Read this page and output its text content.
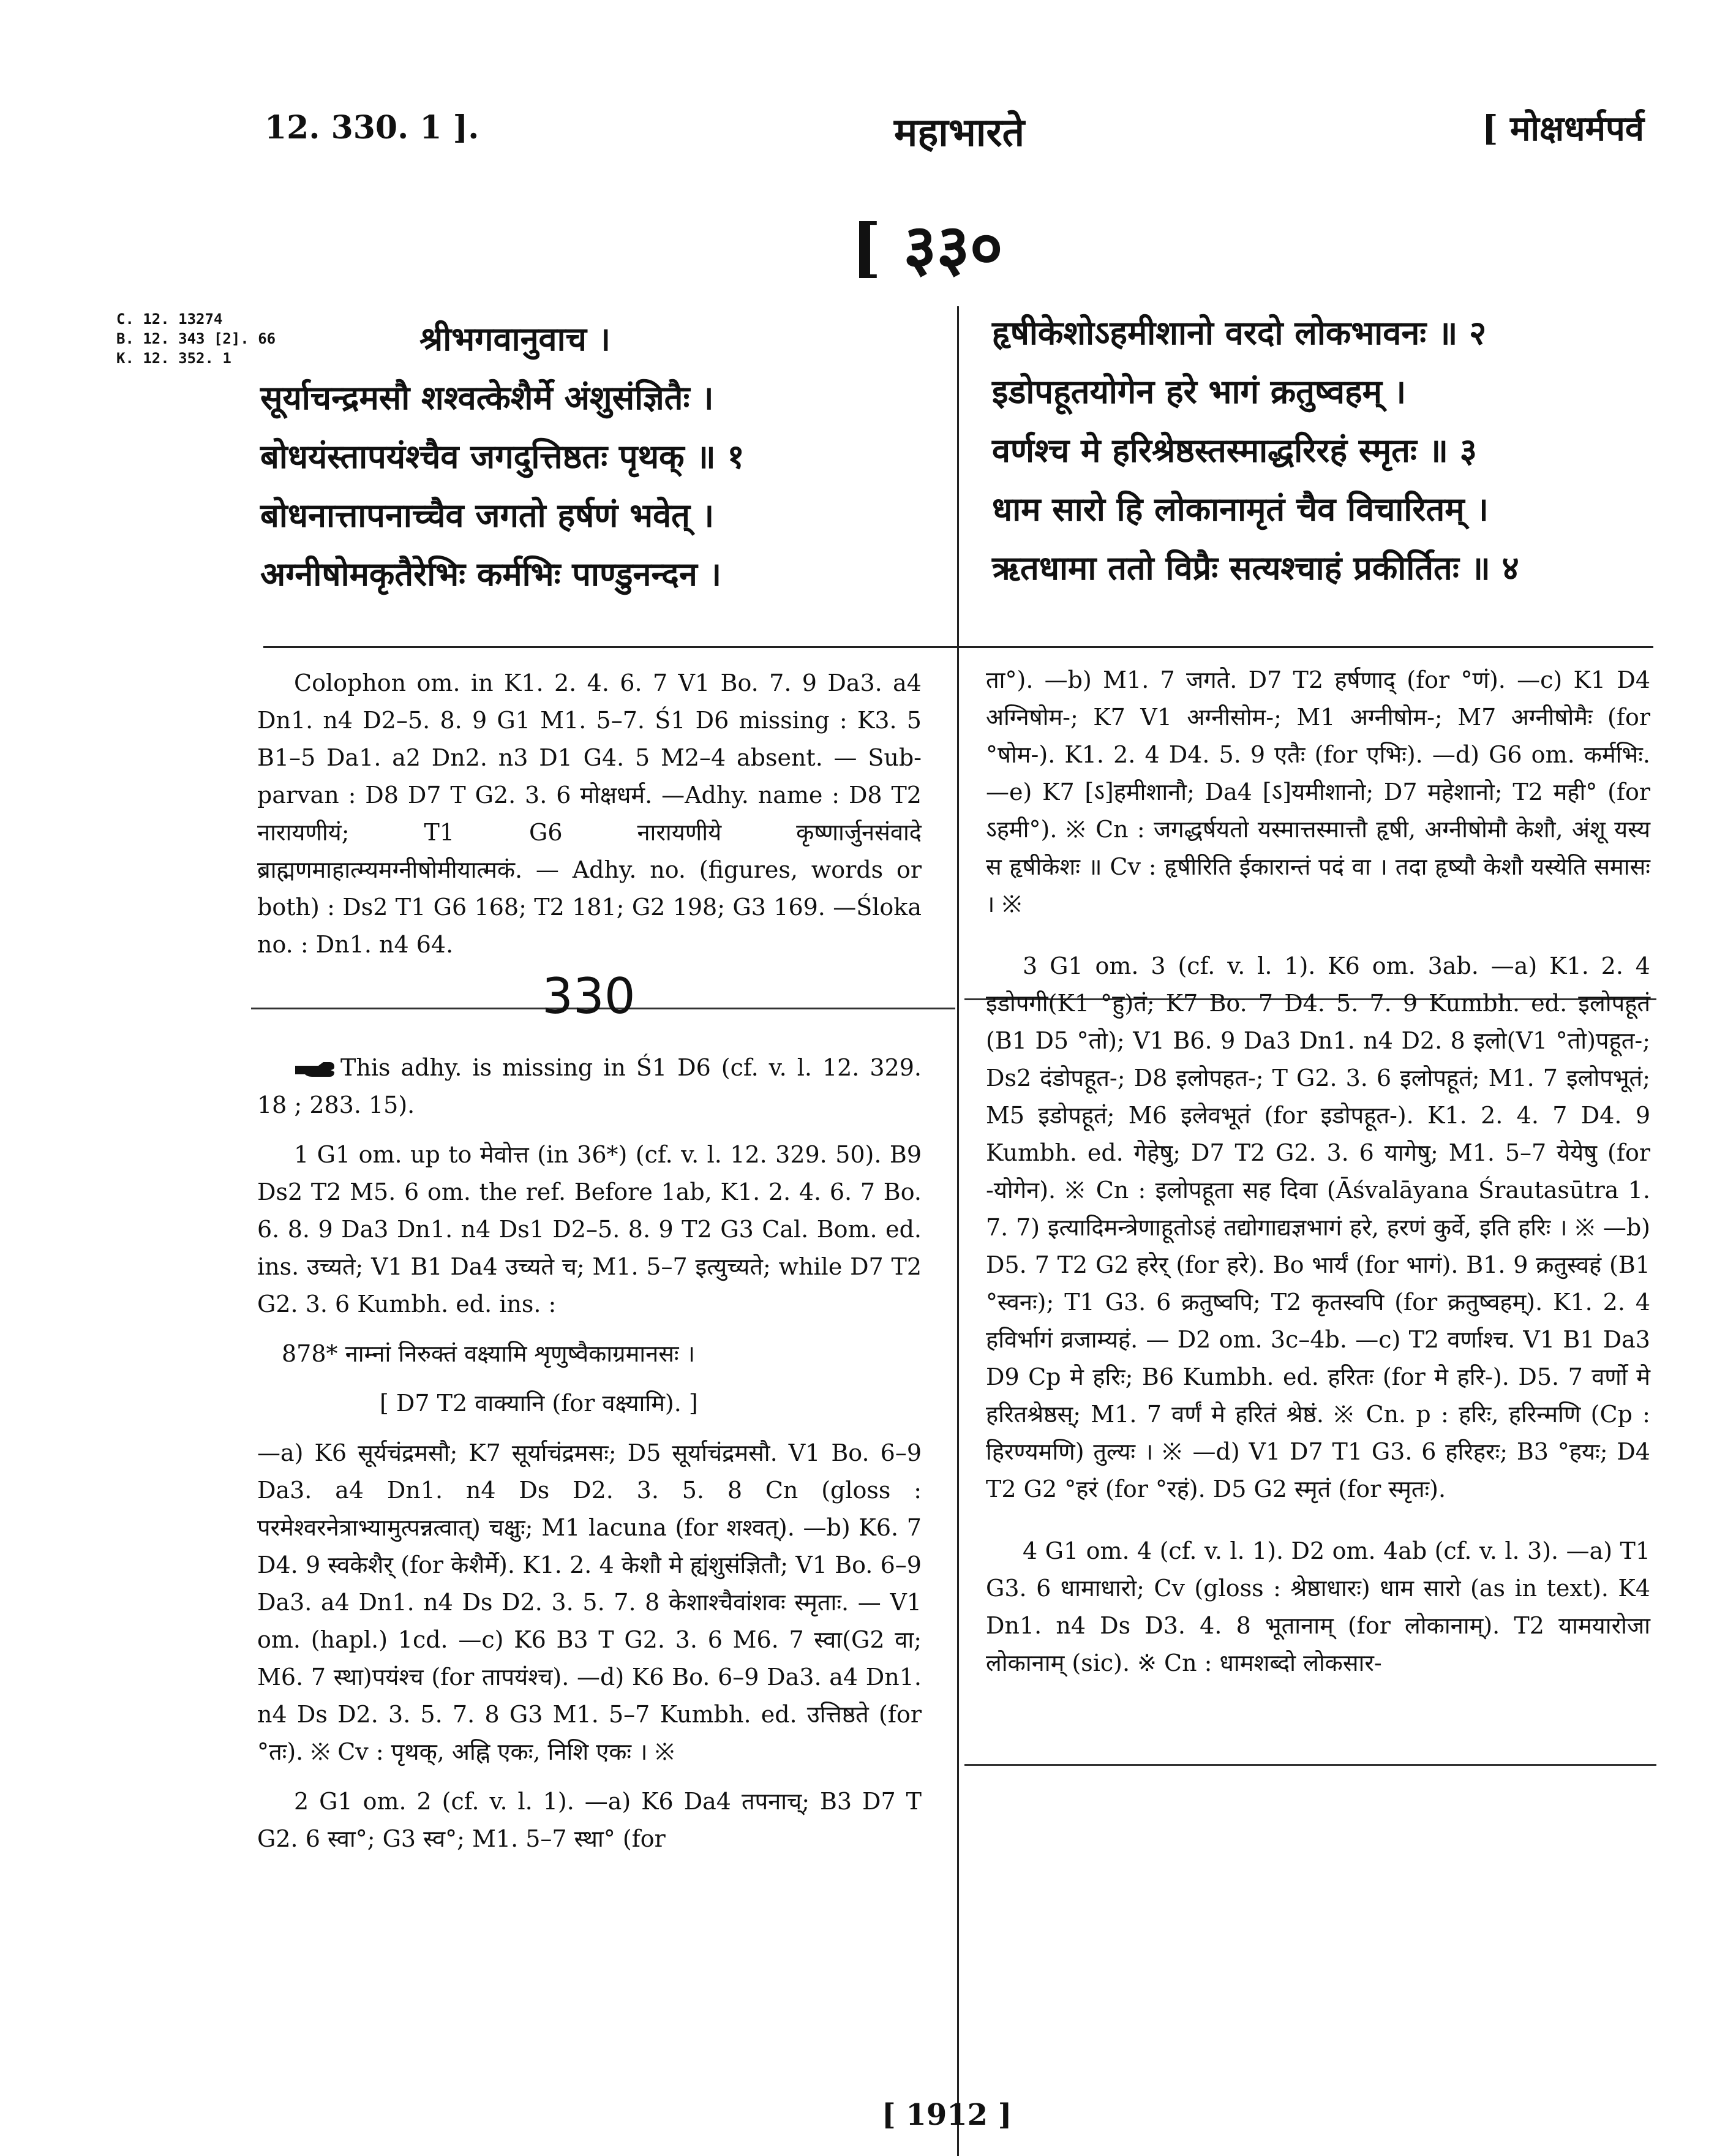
12. 330. 1 ].	महाभारते	[ मोक्षधर्मपर्व
[ ३३०
C. 12. 13274
B. 12. 343 [2]. 66
K. 12. 352. 1	श्रीभगवानुवाच ।
सूर्याचन्द्रमसौ शश्वत्केशैर्मे अंशुसंज्ञितैः ।
बोधयंस्तापयंश्चैव जगदुत्तिष्ठतः पृथक् ॥ १
बोधनात्तापनाच्चैव जगतो हर्षणं भवेत् ।
अग्नीषोमकृतैरेभिः कर्मभिः पाण्डुनन्दन ।
हृषीकेशोऽहमीशानो वरदो लोकभावनः ॥ २
इडोपहूतयोगेन हरे भागं क्रतुष्वहम् ।
वर्णश्च मे हरिश्रेष्ठस्तस्माद्धरिरहं स्मृतः ॥ ३
धाम सारो हि लोकानामृतं चैव विचारितम् ।
ऋतधामा ततो विप्रैः सत्यश्चाहं प्रकीर्तितः ॥ ४

Colophon om. in K1. 2. 4. 6. 7 V1 Bo. 7. 9 Da3. a4 Dn1. n4 D2–5. 8. 9 G1 M1. 5–7. Ś1 D6 missing : K3. 5 B1–5 Da1. a2 Dn2. n3 D1 G4. 5 M2–4 absent. — Sub-parvan : D8 D7 T G2. 3. 6 मोक्षधर्म. —Adhy. name : D8 T2 नारायणीयं; T1 G6 नारायणीये कृष्णार्जुनसंवादे ब्राह्मणमाहात्म्यमग्नीषोमीयात्मकं. — Adhy. no. (figures, words or both) : Ds2 T1 G6 168; T2 181; G2 198; G3 169. —Śloka no. : Dn1. n4 64.

This adhy. is missing in Ś1 D6 (cf. v. l. 12. 329. 18 ; 283. 15).

1 G1 om. up to मेवोत्त (in 36*) (cf. v. l. 12. 329. 50). B9 Ds2 T2 M5. 6 om. the ref. Before 1ab, K1. 2. 4. 6. 7 Bo. 6. 8. 9 Da3 Dn1. n4 Ds1 D2–5. 8. 9 T2 G3 Cal. Bom. ed. ins. उच्यते; V1 B1 Da4 उच्यते च; M1. 5–7 इत्युच्यते; while D7 T2 G2. 3. 6 Kumbh. ed. ins. :

878* नाम्नां निरुक्तं वक्ष्यामि शृणुष्वैकाग्रमानसः ।

[ D7 T2 वाक्यानि (for वक्ष्यामि). ]

—a) K6 सूर्यचंद्रमसौ; K7 सूर्याचंद्रमसः; D5 सूर्याचंद्रमसौ. V1 Bo. 6–9 Da3. a4 Dn1. n4 Ds D2. 3. 5. 8 Cn (gloss : परमेश्वरनेत्राभ्यामुत्पन्नत्वात्) चक्षुः; M1 lacuna (for शश्वत्). —b) K6. 7 D4. 9 स्वकेशैर् (for केशैर्मे). K1. 2. 4 केशौ मे ह्यंशुसंज्ञितौ; V1 Bo. 6–9 Da3. a4 Dn1. n4 Ds D2. 3. 5. 7. 8 केशाश्चैवांशवः स्मृताः. — V1 om. (hapl.) 1cd. —c) K6 B3 T G2. 3. 6 M6. 7 स्वा(G2 वा; M6. 7 स्था)पयंश्च (for तापयंश्च). —d) K6 Bo. 6–9 Da3. a4 Dn1. n4 Ds D2. 3. 5. 7. 8 G3 M1. 5–7 Kumbh. ed. उत्तिष्ठते (for °तः). ※ Cv : पृथक्, अह्नि एकः, निशि एकः । ※

2 G1 om. 2 (cf. v. l. 1). —a) K6 Da4 तपनाच्; B3 D7 T G2. 6 स्वा°; G3 स्व°; M1. 5–7 स्था° (for

330

ता°). —b) M1. 7 जगते. D7 T2 हर्षणाद् (for °णं). —c) K1 D4 अग्निषोम-; K7 V1 अग्नीसोम-; M1 अग्नीषोम-; M7 अग्नीषोमैः (for °षोम-). K1. 2. 4 D4. 5. 9 एतैः (for एभिः). —d) G6 om. कर्मभिः. —e) K7 [ऽ]हमीशानौ; Da4 [ऽ]यमीशानो; D7 महेशानो; T2 मही° (for ऽहमी°). ※ Cn : जगद्धर्षयतो यस्मात्तस्मात्तौ हृषी, अग्नीषोमौ केशौ, अंशू यस्य स हृषीकेशः ॥ Cv : हृषीरिति ईकारान्तं पदं वा । तदा हृष्यौ केशौ यस्येति समासः । ※

3 G1 om. 3 (cf. v. l. 1). K6 om. 3ab. —a) K1. 2. 4 इडोपगी(K1 °हु)तं; K7 Bo. 7 D4. 5. 7. 9 Kumbh. ed. इलोपहूतं (B1 D5 °तो); V1 B6. 9 Da3 Dn1. n4 D2. 8 इलो(V1 °तो)पहूत-; Ds2 दंडोपहूत-; D8 इलोपहत-; T G2. 3. 6 इलोपहूतं; M1. 7 इलोपभूतं; M5 इडोपहूतं; M6 इलेवभूतं (for इडोपहूत-). K1. 2. 4. 7 D4. 9 Kumbh. ed. गेहेषु; D7 T2 G2. 3. 6 यागेषु; M1. 5–7 येयेषु (for -योगेन). ※ Cn : इलोपहूता सह दिवा (Āśvalāyana Śrautasūtra 1. 7. 7) इत्यादिमन्त्रेणाहूतोऽहं तद्योगाद्यज्ञभागं हरे, हरणं कुर्वे, इति हरिः । ※ —b) D5. 7 T2 G2 हरेर् (for हरे). Bo भार्यं (for भागं). B1. 9 क्रतुस्वहं (B1 °स्वनः); T1 G3. 6 क्रतुष्वपि; T2 कृतस्वपि (for क्रतुष्वहम्). K1. 2. 4 हविर्भागं व्रजाम्यहं. — D2 om. 3c–4b. —c) T2 वर्णाश्च. V1 B1 Da3 D9 Cp मे हरिः; B6 Kumbh. ed. हरितः (for मे हरि-). D5. 7 वर्णो मे हरितश्रेष्ठस्; M1. 7 वर्णं मे हरितं श्रेष्ठं. ※ Cn. p : हरिः, हरिन्मणि (Cp : हिरण्यमणि) तुल्यः । ※ —d) V1 D7 T1 G3. 6 हरिहरः; B3 °हयः; D4 T2 G2 °हरं (for °रहं). D5 G2 स्मृतं (for स्मृतः).

4 G1 om. 4 (cf. v. l. 1). D2 om. 4ab (cf. v. l. 3). —a) T1 G3. 6 धामाधारो; Cv (gloss : श्रेष्ठाधारः) धाम सारो (as in text). K4 Dn1. n4 Ds D3. 4. 8 भूतानाम् (for लोकानाम्). T2 यामयारोजा लोकानाम् (sic). ※ Cn : धामशब्दो लोकसार-

[ 1912 ]
